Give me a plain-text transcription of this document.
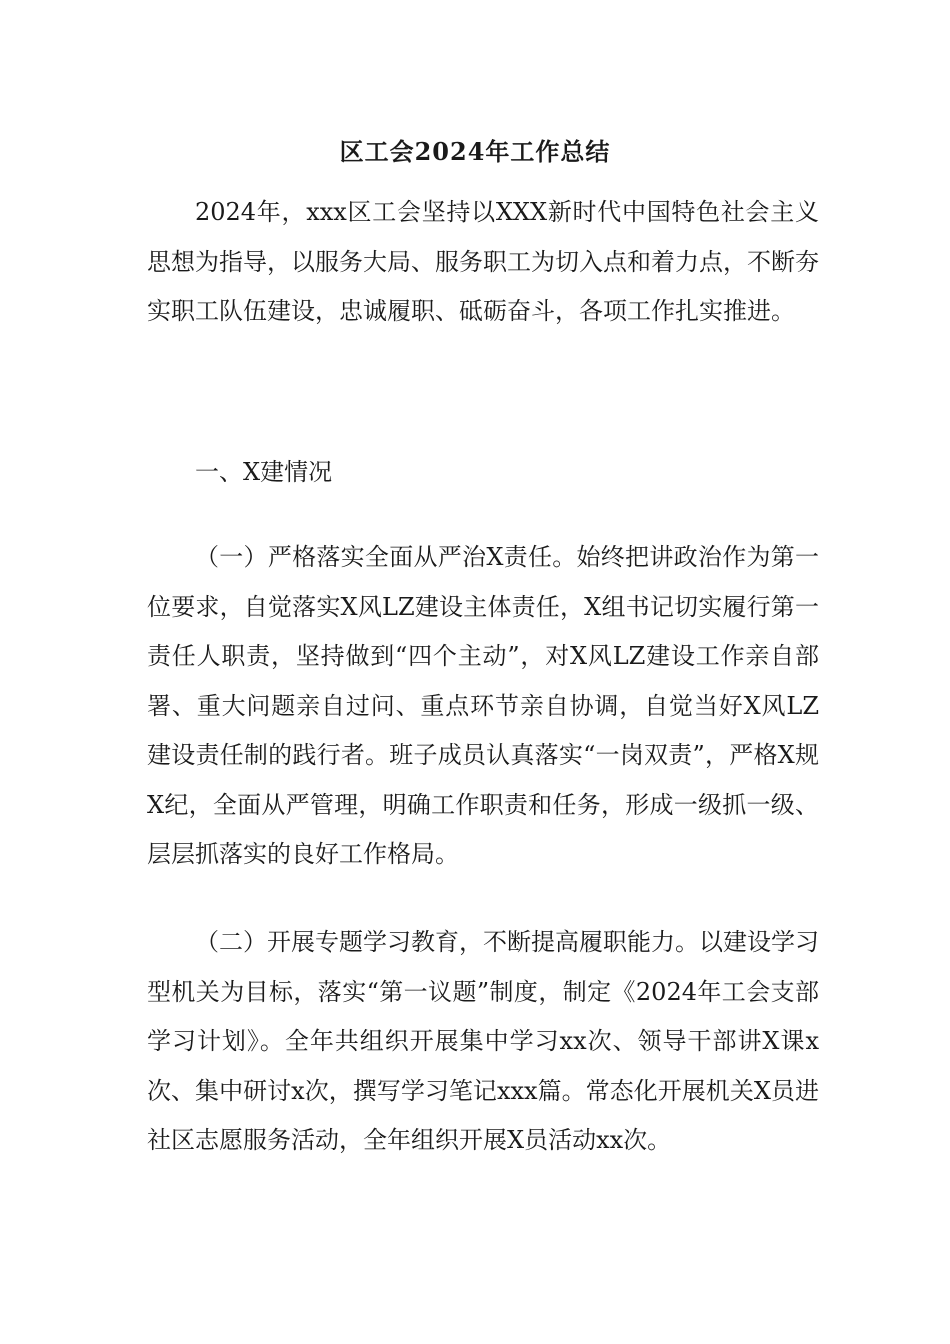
区工会2024年工作总结

2024年，xxx区工会坚持以XXX新时代中国特色社会主义思想为指导，以服务大局、服务职工为切入点和着力点，不断夯实职工队伍建设，忠诚履职、砥砺奋斗，各项工作扎实推进。

一、X建情况

（一）严格落实全面从严治X责任。始终把讲政治作为第一位要求，自觉落实X风LZ建设主体责任，X组书记切实履行第一责任人职责，坚持做到“四个主动”，对X风LZ建设工作亲自部署、重大问题亲自过问、重点环节亲自协调，自觉当好X风LZ建设责任制的践行者。班子成员认真落实“一岗双责”，严格X规X纪，全面从严管理，明确工作职责和任务，形成一级抓一级、层层抓落实的良好工作格局。

（二）开展专题学习教育，不断提高履职能力。以建设学习型机关为目标，落实“第一议题”制度，制定《2024年工会支部学习计划》。全年共组织开展集中学习xx次、领导干部讲X课x次、集中研讨x次，撰写学习笔记xxx篇。常态化开展机关X员进社区志愿服务活动，全年组织开展X员活动xx次。
